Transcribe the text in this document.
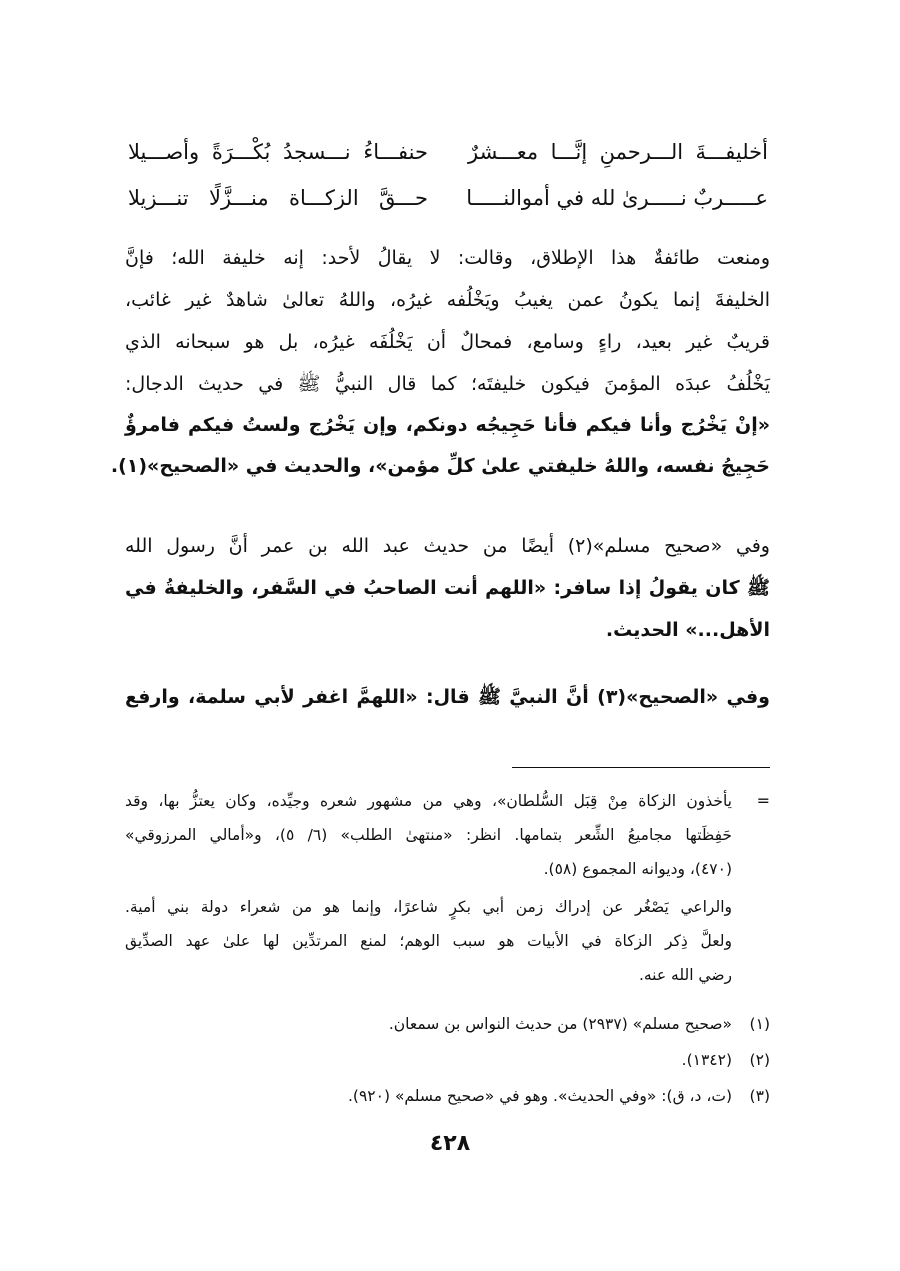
أخليفـــةَ الـــرحمنِ إنَّـــا معـــشرٌ
حنفـــاءُ نـــسجدُ بُكْـــرَةً وأصـــيلا
عـــــربٌ نـــــرىٰ لله في أموالنـــــا
حـــقَّ الزكـــاة منـــزَّلًا تنـــزيلا
ومنعت طائفةٌ هذا الإطلاق، وقالت: لا يقالُ لأحد: إنه خليفة الله؛ فإنَّ
الخليفةَ إنما يكونُ عمن يغيبُ ويَخْلُفه غيرُه، واللهُ تعالىٰ شاهدٌ غير غائب،
قريبٌ غير بعيد، راءٍ وسامع، فمحالٌ أن يَخْلُفَه غيرُه، بل هو سبحانه الذي
يَخْلُفُ عبدَه المؤمنَ فيكون خليفتَه؛ كما قال النبيُّ ﷺ في حديث الدجال:
«إنْ يَخْرُج وأنا فيكم فأنا حَجِيجُه دونكم، وإن يَخْرُج ولستُ فيكم فامرؤٌ
حَجِيجُ نفسه، واللهُ خليفتي علىٰ كلِّ مؤمن»، والحديث في «الصحيح»(١).
وفي «صحيح مسلم»(٢) أيضًا من حديث عبد الله بن عمر أنَّ رسول الله
ﷺ كان يقولُ إذا سافر: «اللهم أنت الصاحبُ في السَّفر، والخليفةُ في
الأهل...» الحديث.
وفي «الصحيح»(٣) أنَّ النبيَّ ﷺ قال: «اللهمَّ اغفر لأبي سلمة، وارفع
=
يأخذون الزكاة مِنْ قِبَل السُّلطان»، وهي من مشهور شعره وجيِّده، وكان يعتزُّ بها، وقد
حَفِظَتها مجاميعُ الشِّعر بتمامها. انظر: «منتهىٰ الطلب» (٦/ ٥)، و«أمالي المرزوقي»
(٤٧٠)، وديوانه المجموع (٥٨).
والراعي يَصْغُر عن إدراك زمن أبي بكرٍ شاعرًا، وإنما هو من شعراء دولة بني أمية.
ولعلَّ ذِكر الزكاة في الأبيات هو سبب الوهم؛ لمنع المرتدِّين لها علىٰ عهد الصدِّيق
رضي الله عنه.
(١)«صحيح مسلم» (٢٩٣٧) من حديث النواس بن سمعان.
(٢)(١٣٤٢).
(٣)(ت، د، ق): «وفي الحديث». وهو في «صحيح مسلم» (٩٢٠).
٤٢٨
